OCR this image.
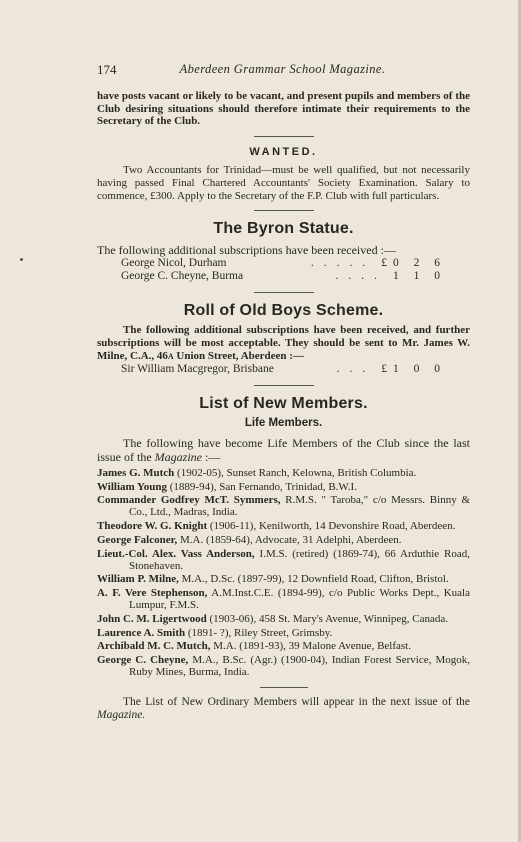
174	Aberdeen Grammar School Magazine.

have posts vacant or likely to be vacant, and present pupils and members of the Club desiring situations should therefore intimate their requirements to the Secretary of the Club.

WANTED.

Two Accountants for Trinidad—must be well qualified, but not necessarily having passed Final Chartered Accountants' Society Examination. Salary to commence, £300. Apply to the Secretary of the F.P. Club with full particulars.

The Byron Statue.

The following additional subscriptions have been received :—

George Nicol, Durham	..... £0 2 6
George C. Cheyne, Burma	.... 1 1 0
Roll of Old Boys Scheme.

The following additional subscriptions have been received, and further subscriptions will be most acceptable. They should be sent to Mr. James W. Milne, C.A., 46A Union Street, Aberdeen :—

Sir William Macgregor, Brisbane	... £1 0 0
List of New Members.
Life Members.

The following have become Life Members of the Club since the last issue of the Magazine :—

James G. Mutch (1902-05), Sunset Ranch, Kelowna, British Columbia.

William Young (1889-94), San Fernando, Trinidad, B.W.I.

Commander Godfrey McT. Symmers, R.M.S. " Taroba," c/o Messrs. Binny & Co., Ltd., Madras, India.

Theodore W. G. Knight (1906-11), Kenilworth, 14 Devonshire Road, Aberdeen.

George Falconer, M.A. (1859-64), Advocate, 31 Adelphi, Aberdeen.

Lieut.-Col. Alex. Vass Anderson, I.M.S. (retired) (1869-74), 66 Arduthie Road, Stonehaven.

William P. Milne, M.A., D.Sc. (1897-99), 12 Downfield Road, Clifton, Bristol.

A. F. Vere Stephenson, A.M.Inst.C.E. (1894-99), c/o Public Works Dept., Kuala Lumpur, F.M.S.

John C. M. Ligertwood (1903-06), 458 St. Mary's Avenue, Winnipeg, Canada.

Laurence A. Smith (1891- ?), Riley Street, Grimsby.

Archibald M. C. Mutch, M.A. (1891-93), 39 Malone Avenue, Belfast.

George C. Cheyne, M.A., B.Sc. (Agr.) (1900-04), Indian Forest Service, Mogok, Ruby Mines, Burma, India.

The List of New Ordinary Members will appear in the next issue of the Magazine.
